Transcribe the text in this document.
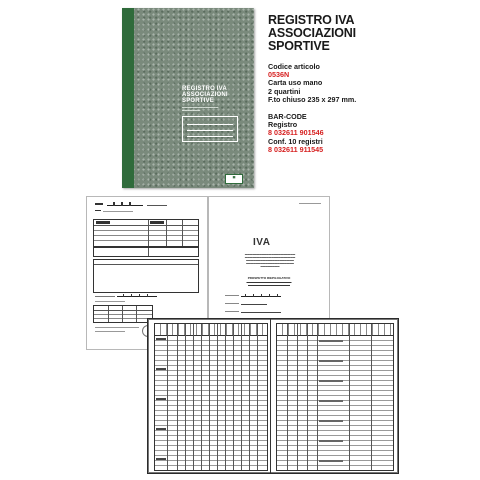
REGISTRO IVA
ASSOCIAZIONI
SPORTIVE
▬▬▬▬▬▬▬▬▬▬▬▬▬▬
▬▬▬▬▬▬▬
▦
REGISTRO IVA
ASSOCIAZIONI
SPORTIVE
Codice articolo
0536N
Carta uso mano
2 quartini
F.to chiuso 235 x 297 mm.
BAR-CODE
Registro
8 032611 901546
Conf. 10 registri
8 032611 911545
IVA
▬▬▬▬▬▬▬▬▬▬▬▬▬▬▬▬▬▬▬▬▬
▬▬▬▬▬▬▬▬▬▬▬▬▬▬▬▬▬▬▬▬▬
▬▬▬▬▬▬▬▬▬▬▬▬▬▬▬▬▬▬▬▬
▬▬▬▬▬▬▬▬▬▬▬▬▬▬▬▬▬▬▬▬
▬▬▬▬▬▬▬▬
PROSPETTO RIEPILOGATIVO
▬▬▬▬▬▬▬▬▬▬▬▬▬▬▬
▬▬▬▬▬▬▬▬▬▬▬▬▬▬
